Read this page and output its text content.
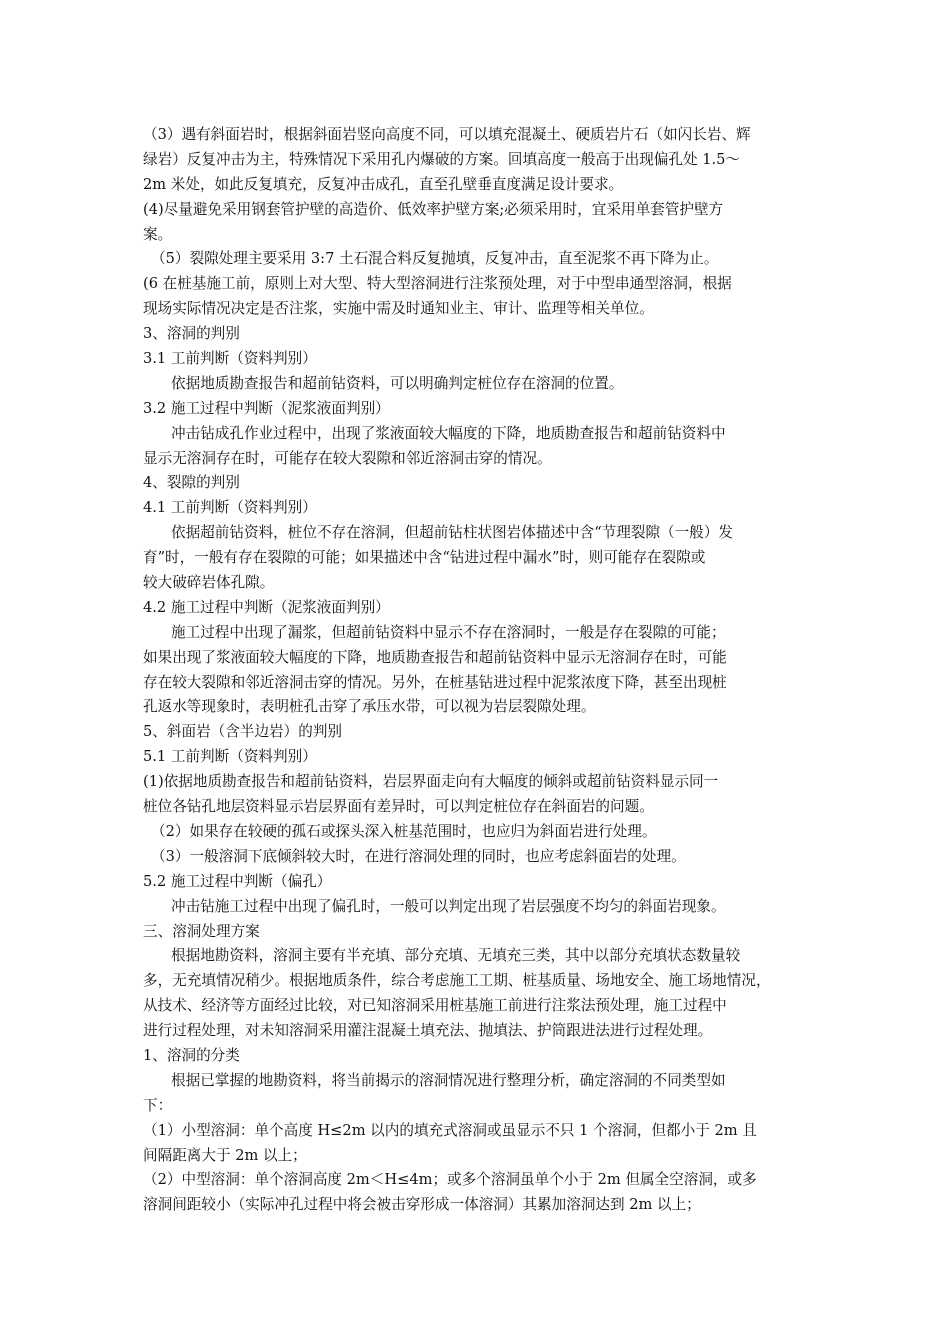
（3）遇有斜面岩时，根据斜面岩竖向高度不同，可以填充混凝土、硬质岩片石（如闪长岩、辉
绿岩）反复冲击为主，特殊情况下采用孔内爆破的方案。回填高度一般高于出现偏孔处 1.5～
2m 米处，如此反复填充，反复冲击成孔，直至孔壁垂直度满足设计要求。
(4)尽量避免采用钢套管护壁的高造价、低效率护壁方案;必须采用时，宜采用单套管护壁方
案。
（5）裂隙处理主要采用 3:7 土石混合料反复抛填，反复冲击，直至泥浆不再下降为止。
(6 在桩基施工前，原则上对大型、特大型溶洞进行注浆预处理，对于中型串通型溶洞，根据
现场实际情况决定是否注浆，实施中需及时通知业主、审计、监理等相关单位。
3、溶洞的判别
3.1 工前判断（资料判别）
依据地质勘查报告和超前钻资料，可以明确判定桩位存在溶洞的位置。
3.2 施工过程中判断（泥浆液面判别）
冲击钻成孔作业过程中，出现了浆液面较大幅度的下降，地质勘查报告和超前钻资料中
显示无溶洞存在时，可能存在较大裂隙和邻近溶洞击穿的情况。
4、裂隙的判别
4.1 工前判断（资料判别）
依据超前钻资料，桩位不存在溶洞，但超前钻柱状图岩体描述中含“节理裂隙（一般）发
育”时，一般有存在裂隙的可能；如果描述中含“钻进过程中漏水”时，则可能存在裂隙或
较大破碎岩体孔隙。
4.2 施工过程中判断（泥浆液面判别）
施工过程中出现了漏浆，但超前钻资料中显示不存在溶洞时，一般是存在裂隙的可能；
如果出现了浆液面较大幅度的下降，地质勘查报告和超前钻资料中显示无溶洞存在时，可能
存在较大裂隙和邻近溶洞击穿的情况。另外，在桩基钻进过程中泥浆浓度下降，甚至出现桩
孔返水等现象时，表明桩孔击穿了承压水带，可以视为岩层裂隙处理。
5、斜面岩（含半边岩）的判别
5.1 工前判断（资料判别）
(1)依据地质勘查报告和超前钻资料，岩层界面走向有大幅度的倾斜或超前钻资料显示同一
桩位各钻孔地层资料显示岩层界面有差异时，可以判定桩位存在斜面岩的问题。
（2）如果存在较硬的孤石或探头深入桩基范围时，也应归为斜面岩进行处理。
（3）一般溶洞下底倾斜较大时，在进行溶洞处理的同时，也应考虑斜面岩的处理。
5.2 施工过程中判断（偏孔）
冲击钻施工过程中出现了偏孔时，一般可以判定出现了岩层强度不均匀的斜面岩现象。
三、溶洞处理方案
根据地勘资料，溶洞主要有半充填、部分充填、无填充三类，其中以部分充填状态数量较
多，无充填情况稍少。根据地质条件，综合考虑施工工期、桩基质量、场地安全、施工场地情况，
从技术、经济等方面经过比较，对已知溶洞采用桩基施工前进行注浆法预处理，施工过程中
进行过程处理，对未知溶洞采用灌注混凝土填充法、抛填法、护筒跟进法进行过程处理。
1、溶洞的分类
根据已掌握的地勘资料，将当前揭示的溶洞情况进行整理分析，确定溶洞的不同类型如
下：
（1）小型溶洞：单个高度 H≤2m 以内的填充式溶洞或虽显示不只 1 个溶洞，但都小于 2m 且
间隔距离大于 2m 以上；
（2）中型溶洞：单个溶洞高度 2m＜H≤4m；或多个溶洞虽单个小于 2m 但属全空溶洞，或多
溶洞间距较小（实际冲孔过程中将会被击穿形成一体溶洞）其累加溶洞达到 2m 以上；
